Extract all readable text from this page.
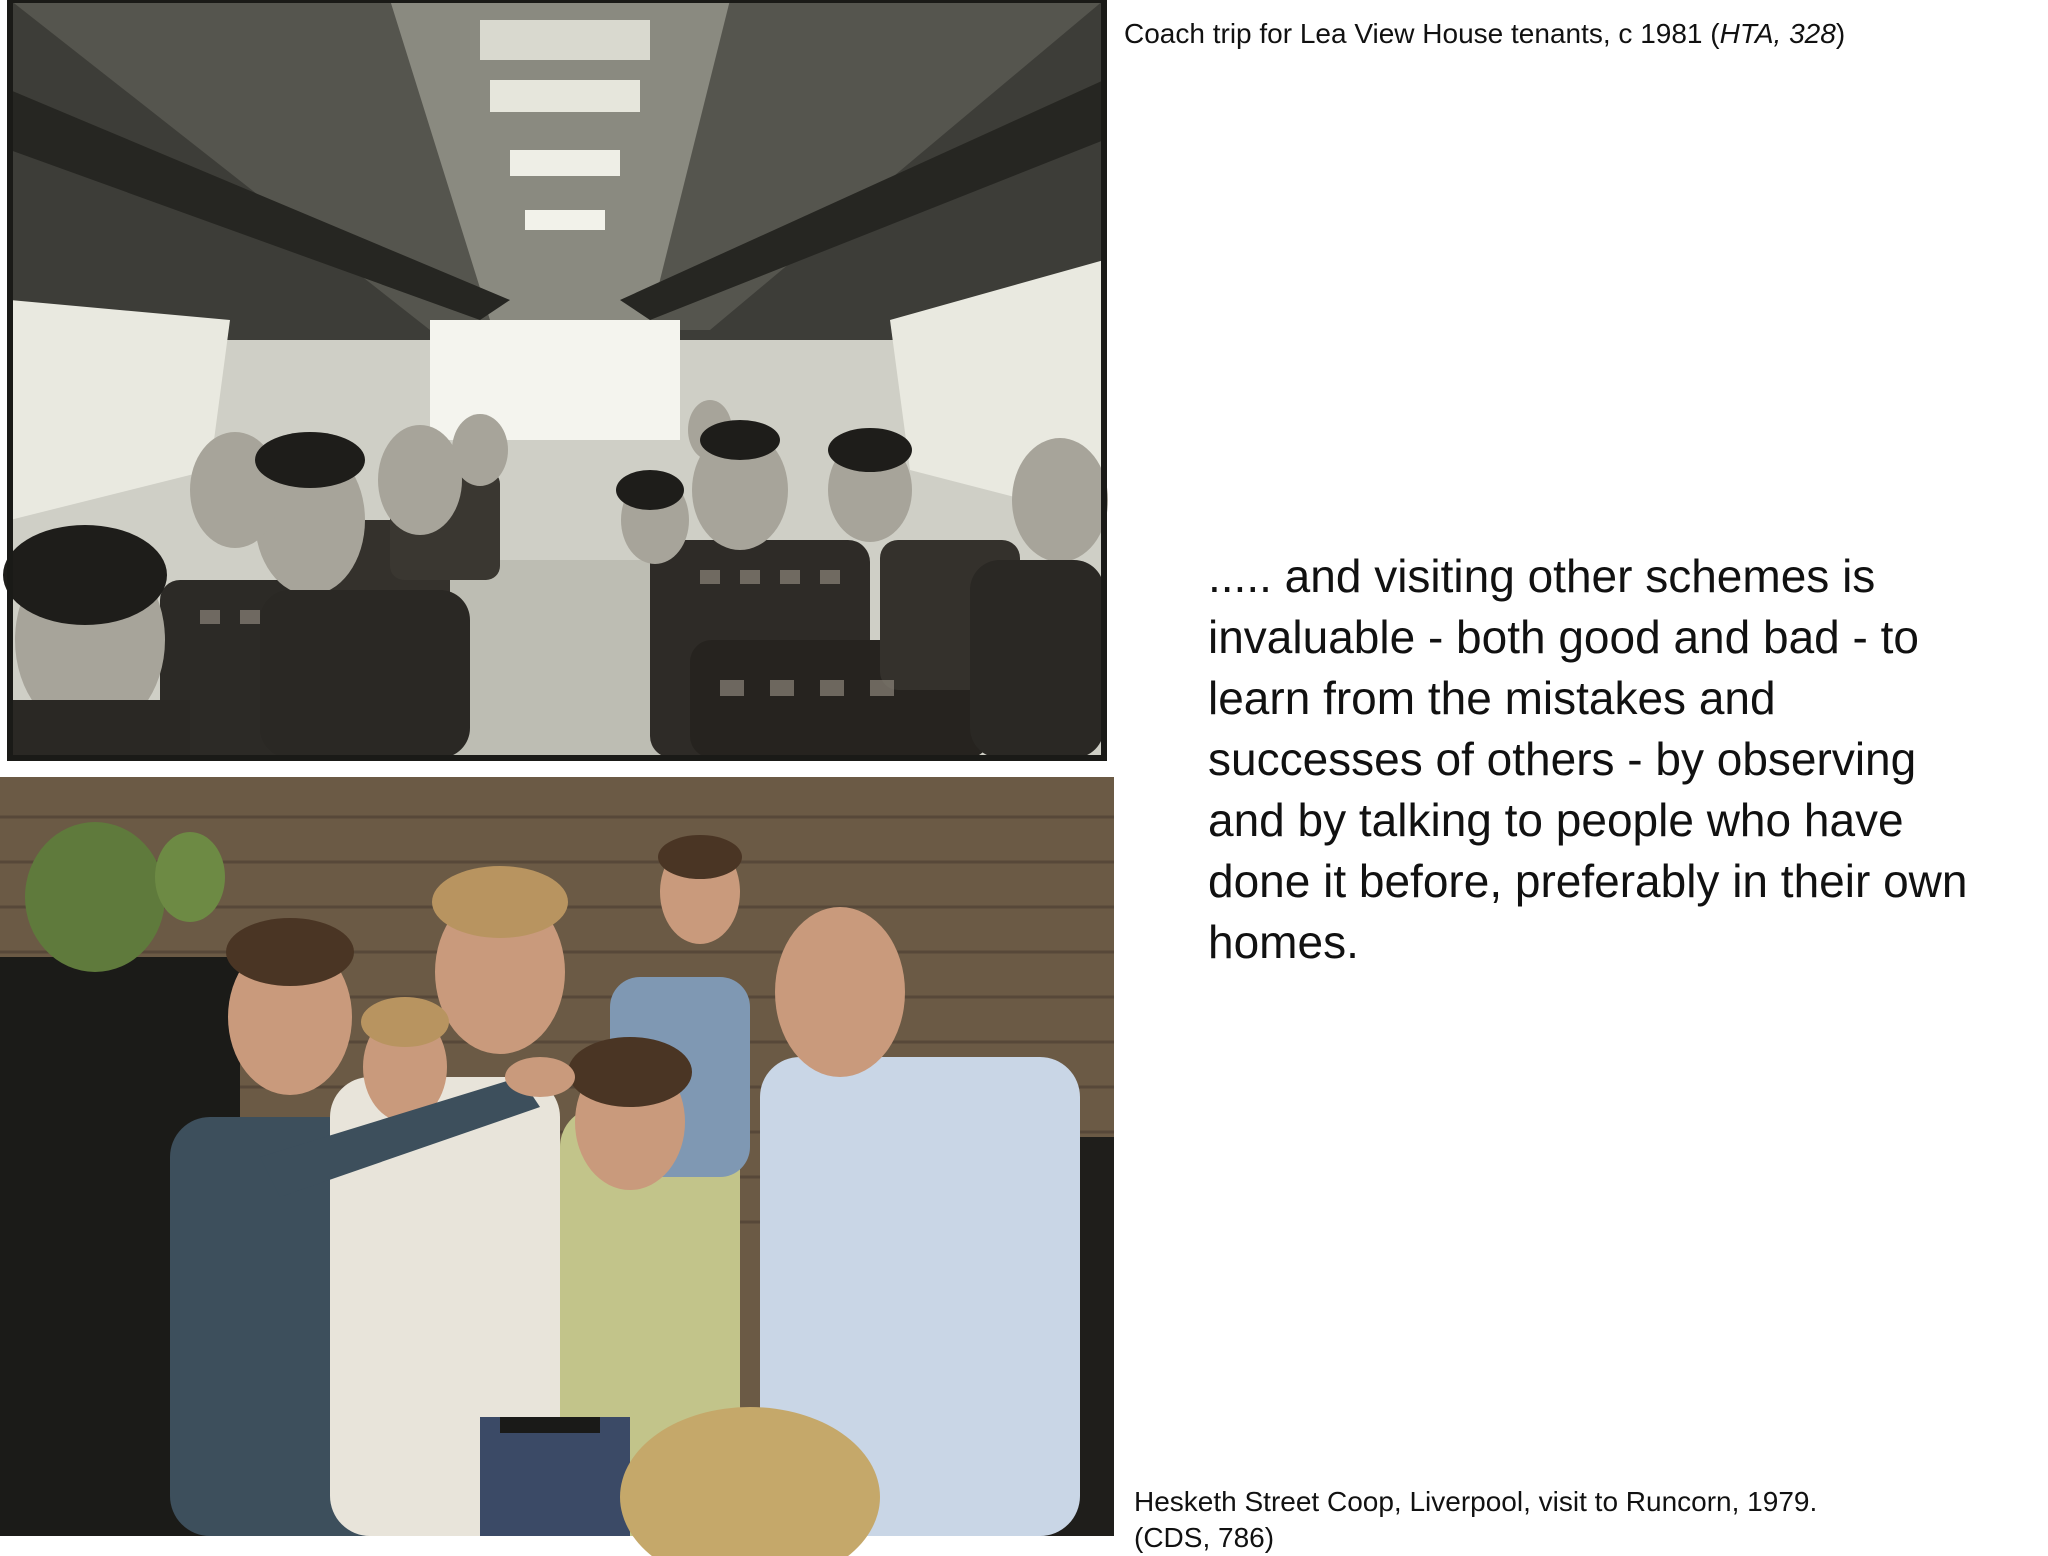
Coach trip for Lea View House tenants, c 1981 (HTA, 328)
..... and visiting other schemes is invaluable - both good and bad - to learn from the mistakes and successes of others - by observing and by talking to people who have done it before, preferably in their own homes.
Hesketh Street Coop, Liverpool, visit to Runcorn, 1979.
(CDS, 786)
